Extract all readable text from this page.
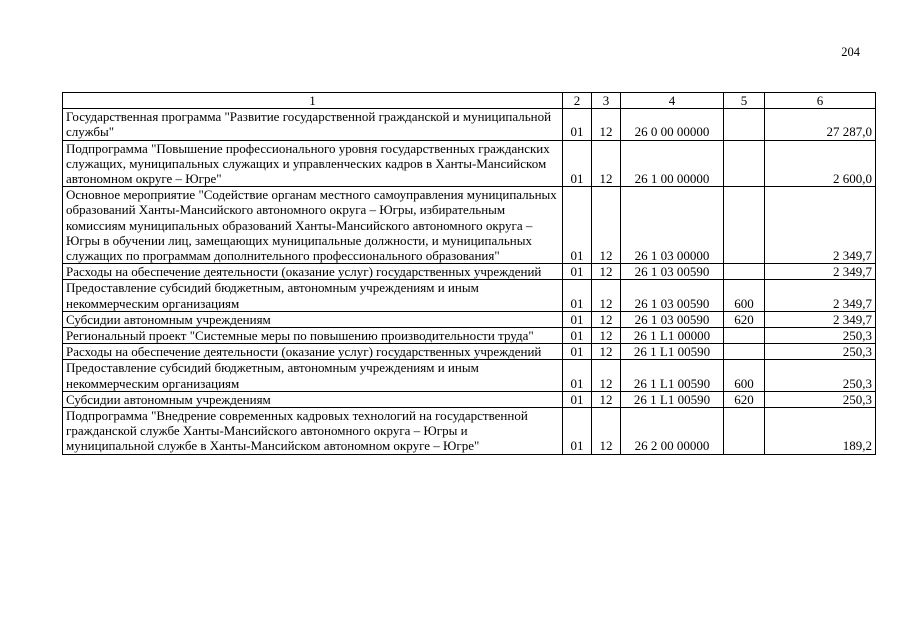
204
1	2	3	4	5	6
Государственная программа "Развитие государственной гражданской и муниципальной службы"	01	12	26 0 00 00000		27 287,0
Подпрограмма "Повышение профессионального уровня государственных гражданских служащих, муниципальных служащих и управленческих кадров в Ханты-Мансийском автономном округе – Югре"	01	12	26 1 00 00000		2 600,0
Основное мероприятие "Содействие органам местного самоуправления муниципальных образований Ханты-Мансийского автономного округа – Югры, избирательным комиссиям муниципальных образований Ханты-Мансийского автономного округа – Югры в обучении лиц, замещающих муниципальные должности, и муниципальных служащих по программам дополнительного профессионального образования"	01	12	26 1 03 00000		2 349,7
Расходы на обеспечение деятельности (оказание услуг) государственных учреждений	01	12	26 1 03 00590		2 349,7
Предоставление субсидий бюджетным, автономным учреждениям и иным некоммерческим организациям	01	12	26 1 03 00590	600	2 349,7
Субсидии автономным учреждениям	01	12	26 1 03 00590	620	2 349,7
Региональный проект "Системные меры по повышению производительности труда"	01	12	26 1 L1 00000		250,3
Расходы на обеспечение деятельности (оказание услуг) государственных учреждений	01	12	26 1 L1 00590		250,3
Предоставление субсидий бюджетным, автономным учреждениям и иным некоммерческим организациям	01	12	26 1 L1 00590	600	250,3
Субсидии автономным учреждениям	01	12	26 1 L1 00590	620	250,3
Подпрограмма "Внедрение современных кадровых технологий на государственной гражданской службе Ханты-Мансийского автономного округа – Югры и муниципальной службе в Ханты-Мансийском автономном округе – Югре"	01	12	26 2 00 00000		189,2
